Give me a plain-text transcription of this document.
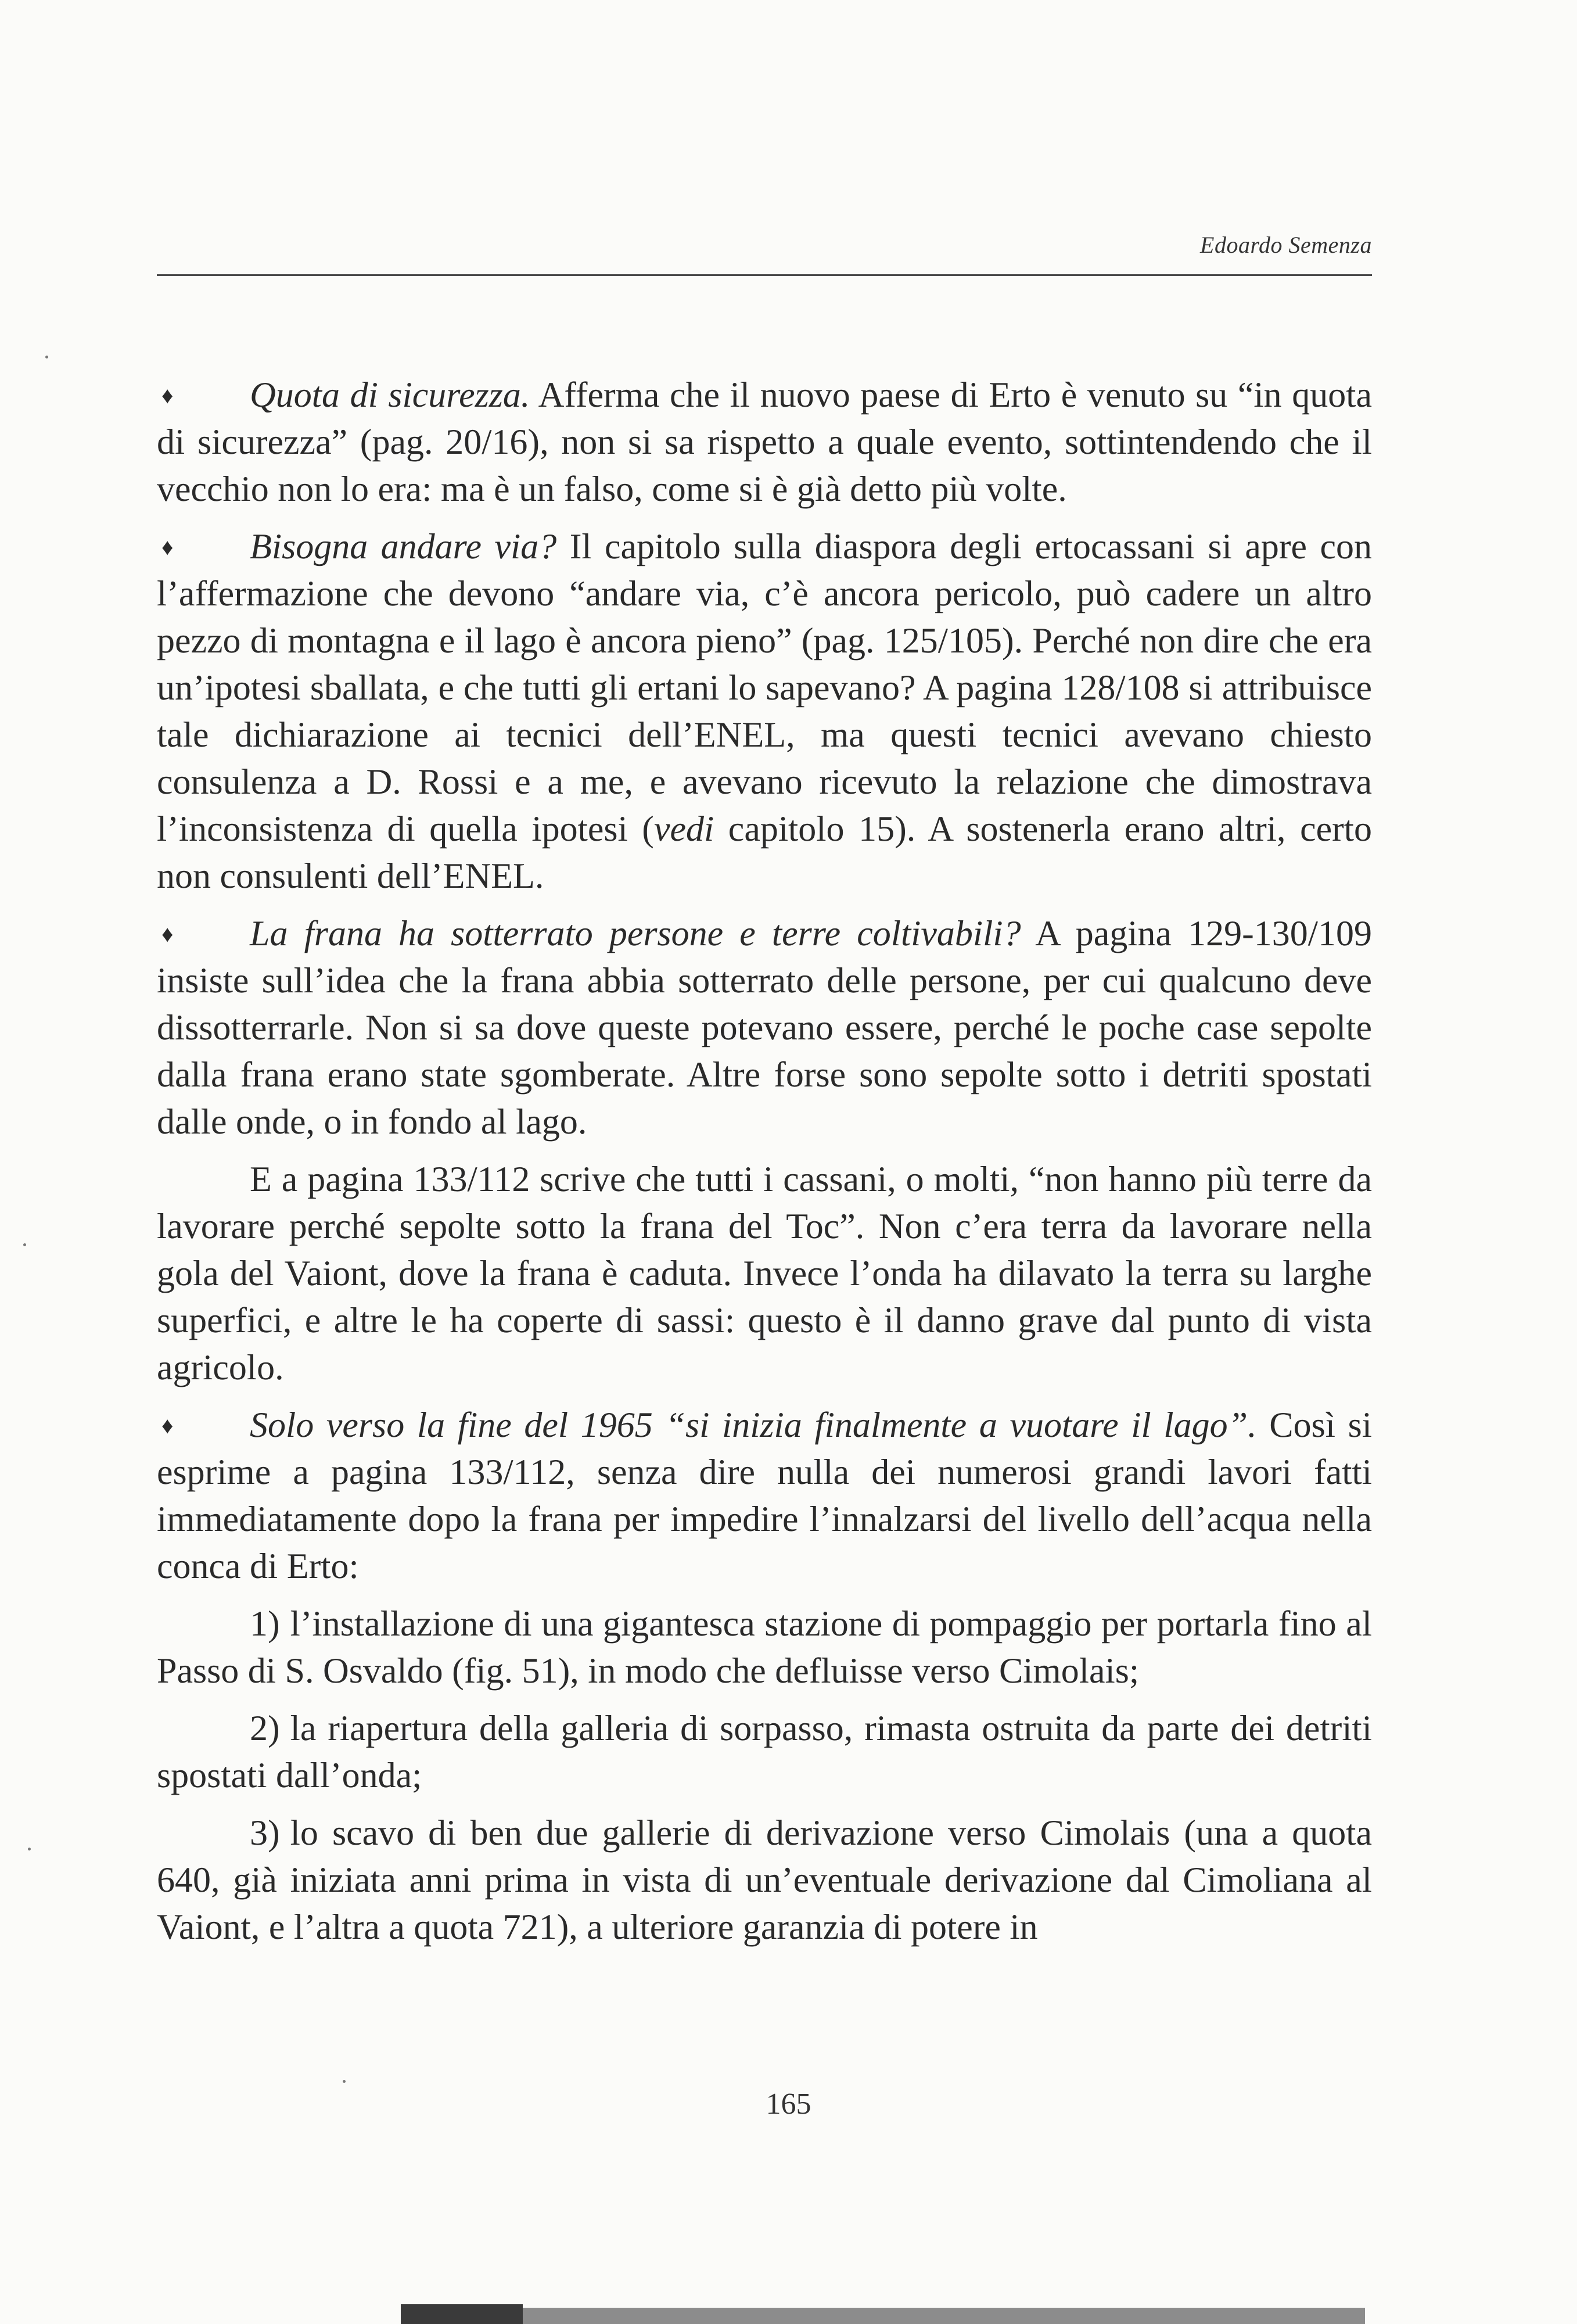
Edoardo Semenza

♦ Quota di sicurezza. Afferma che il nuovo paese di Erto è venuto su “in quota di sicurezza” (pag. 20/16), non si sa rispetto a quale evento, sottintendendo che il vecchio non lo era: ma è un falso, come si è già detto più volte.

♦ Bisogna andare via? Il capitolo sulla diaspora degli ertocassani si apre con l’affermazione che devono “andare via, c’è ancora pericolo, può cadere un altro pezzo di montagna e il lago è ancora pieno” (pag. 125/105). Perché non dire che era un’ipotesi sballata, e che tutti gli ertani lo sapevano? A pagina 128/108 si attribuisce tale dichiarazione ai tecnici dell’ENEL, ma questi tecnici avevano chiesto consulenza a D. Rossi e a me, e avevano ricevuto la relazione che dimostrava l’inconsistenza di quella ipotesi (vedi capitolo 15). A sostenerla erano altri, certo non consulenti dell’ENEL.

♦ La frana ha sotterrato persone e terre coltivabili? A pagina 129-130/109 insiste sull’idea che la frana abbia sotterrato delle persone, per cui qualcuno deve dissotterrarle. Non si sa dove queste potevano essere, perché le poche case sepolte dalla frana erano state sgomberate. Altre forse sono sepolte sotto i detriti spostati dalle onde, o in fondo al lago.

E a pagina 133/112 scrive che tutti i cassani, o molti, “non hanno più terre da lavorare perché sepolte sotto la frana del Toc”. Non c’era terra da lavorare nella gola del Vaiont, dove la frana è caduta. Invece l’onda ha dilavato la terra su larghe superfici, e altre le ha coperte di sassi: questo è il danno grave dal punto di vista agricolo.

♦ Solo verso la fine del 1965 “si inizia finalmente a vuotare il lago”. Così si esprime a pagina 133/112, senza dire nulla dei numerosi grandi lavori fatti immediatamente dopo la frana per impedire l’innalzarsi del livello dell’acqua nella conca di Erto:

1) l’installazione di una gigantesca stazione di pompaggio per portarla fino al Passo di S. Osvaldo (fig. 51), in modo che defluisse verso Cimolais;

2) la riapertura della galleria di sorpasso, rimasta ostruita da parte dei detriti spostati dall’onda;

3) lo scavo di ben due gallerie di derivazione verso Cimolais (una a quota 640, già iniziata anni prima in vista di un’eventuale derivazione dal Cimoliana al Vaiont, e l’altra a quota 721), a ulteriore garanzia di potere in

165
